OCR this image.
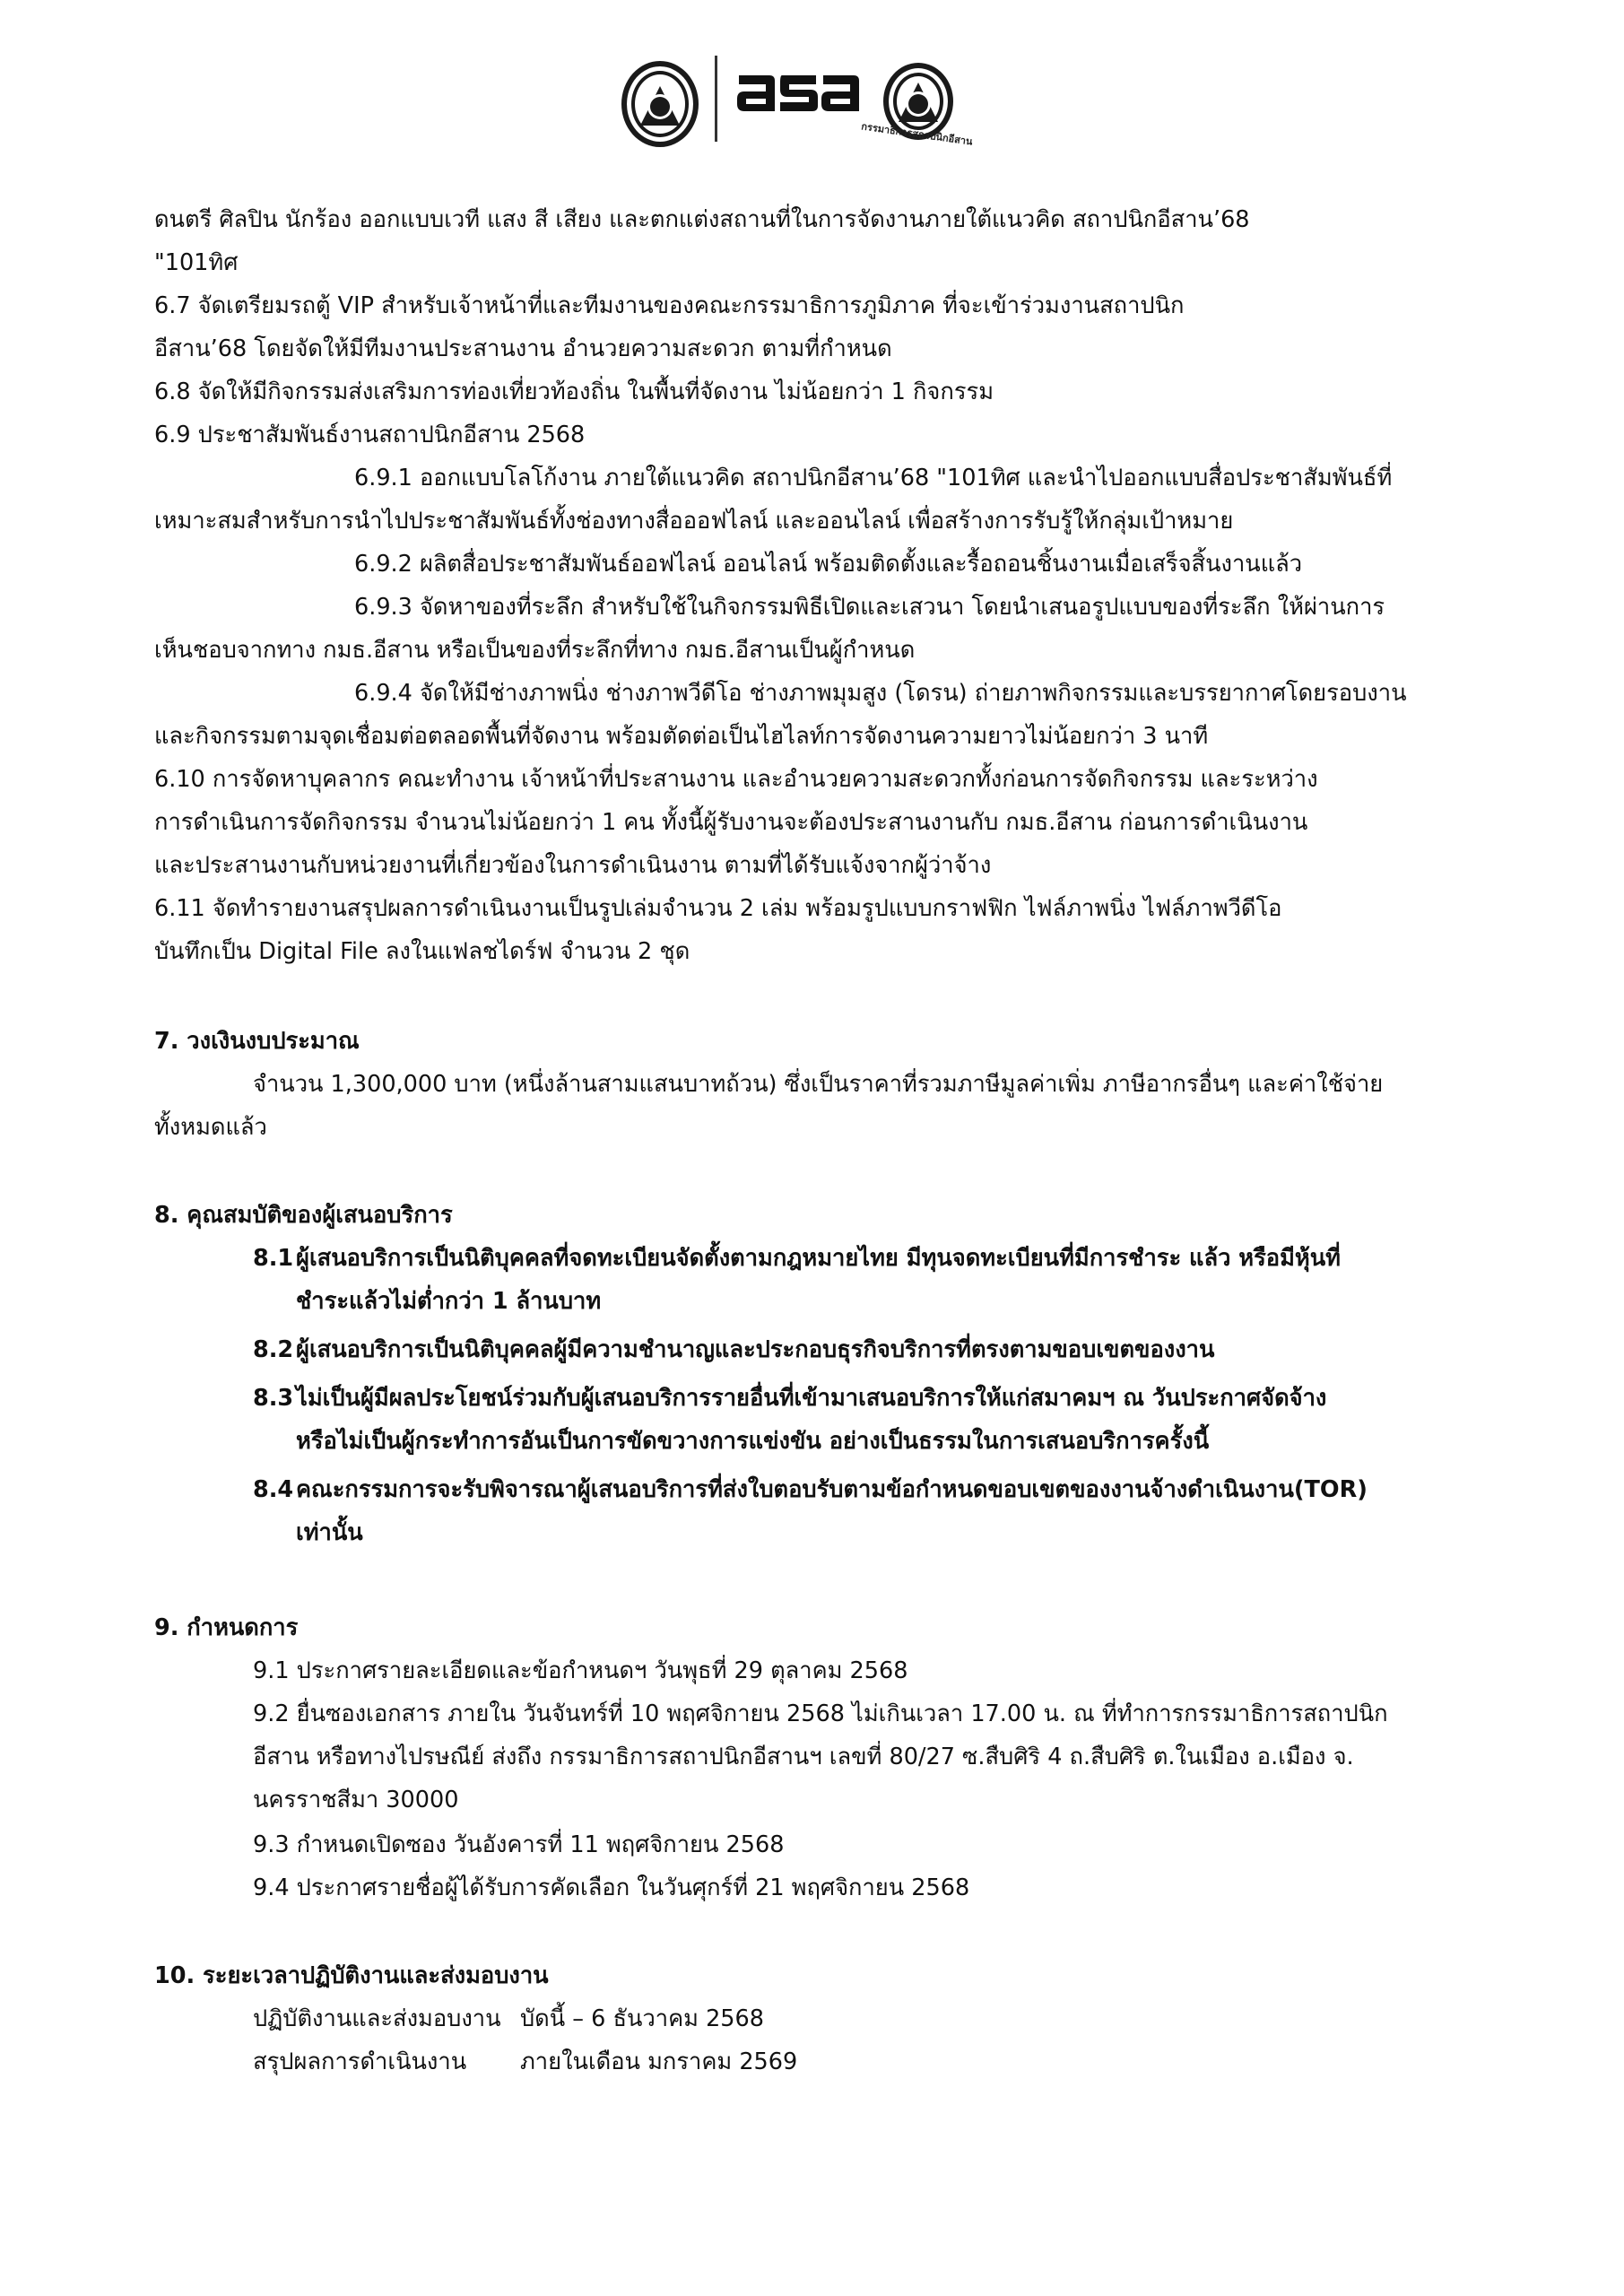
กรรมาธิการสถาปนิกอีสาน
ดนตรี ศิลปิน นักร้อง ออกแบบเวที แสง สี เสียง และตกแต่งสถานที่ในการจัดงานภายใต้แนวคิด สถาปนิกอีสาน’68
"101ทิศ
6.7 จัดเตรียมรถตู้ VIP สำหรับเจ้าหน้าที่และทีมงานของคณะกรรมาธิการภูมิภาค ที่จะเข้าร่วมงานสถาปนิก
อีสาน’68 โดยจัดให้มีทีมงานประสานงาน อำนวยความสะดวก ตามที่กำหนด
6.8 จัดให้มีกิจกรรมส่งเสริมการท่องเที่ยวท้องถิ่น ในพื้นที่จัดงาน ไม่น้อยกว่า 1 กิจกรรม
6.9 ประชาสัมพันธ์งานสถาปนิกอีสาน 2568
6.9.1 ออกแบบโลโก้งาน ภายใต้แนวคิด สถาปนิกอีสาน’68 "101ทิศ และนำไปออกแบบสื่อประชาสัมพันธ์ที่
เหมาะสมสำหรับการนำไปประชาสัมพันธ์ทั้งช่องทางสื่อออฟไลน์ และออนไลน์ เพื่อสร้างการรับรู้ให้กลุ่มเป้าหมาย
6.9.2 ผลิตสื่อประชาสัมพันธ์ออฟไลน์ ออนไลน์ พร้อมติดตั้งและรื้อถอนชิ้นงานเมื่อเสร็จสิ้นงานแล้ว
6.9.3 จัดหาของที่ระลึก สำหรับใช้ในกิจกรรมพิธีเปิดและเสวนา โดยนำเสนอรูปแบบของที่ระลึก ให้ผ่านการ
เห็นชอบจากทาง กมธ.อีสาน หรือเป็นของที่ระลึกที่ทาง กมธ.อีสานเป็นผู้กำหนด
6.9.4 จัดให้มีช่างภาพนิ่ง ช่างภาพวีดีโอ ช่างภาพมุมสูง (โดรน) ถ่ายภาพกิจกรรมและบรรยากาศโดยรอบงาน
และกิจกรรมตามจุดเชื่อมต่อตลอดพื้นที่จัดงาน พร้อมตัดต่อเป็นไฮไลท์การจัดงานความยาวไม่น้อยกว่า 3 นาที
6.10 การจัดหาบุคลากร คณะทำงาน เจ้าหน้าที่ประสานงาน และอำนวยความสะดวกทั้งก่อนการจัดกิจกรรม และระหว่าง
การดำเนินการจัดกิจกรรม จำนวนไม่น้อยกว่า 1 คน ทั้งนี้ผู้รับงานจะต้องประสานงานกับ กมธ.อีสาน ก่อนการดำเนินงาน
และประสานงานกับหน่วยงานที่เกี่ยวข้องในการดำเนินงาน ตามที่ได้รับแจ้งจากผู้ว่าจ้าง
6.11 จัดทำรายงานสรุปผลการดำเนินงานเป็นรูปเล่มจำนวน 2 เล่ม พร้อมรูปแบบกราฟฟิก ไฟล์ภาพนิ่ง ไฟล์ภาพวีดีโอ
บันทึกเป็น Digital File ลงในแฟลชไดร์ฟ จำนวน 2 ชุด
7. วงเงินงบประมาณ
จำนวน 1,300,000 บาท (หนึ่งล้านสามแสนบาทถ้วน) ซึ่งเป็นราคาที่รวมภาษีมูลค่าเพิ่ม ภาษีอากรอื่นๆ และค่าใช้จ่าย
ทั้งหมดแล้ว
8. คุณสมบัติของผู้เสนอบริการ
8.1 ผู้เสนอบริการเป็นนิติบุคคลที่จดทะเบียนจัดตั้งตามกฎหมายไทย มีทุนจดทะเบียนที่มีการชำระ แล้ว หรือมีหุ้นที่
ชำระแล้วไม่ต่ำกว่า 1 ล้านบาท
8.2 ผู้เสนอบริการเป็นนิติบุคคลผู้มีความชำนาญและประกอบธุรกิจบริการที่ตรงตามขอบเขตของงาน
8.3 ไม่เป็นผู้มีผลประโยชน์ร่วมกับผู้เสนอบริการรายอื่นที่เข้ามาเสนอบริการให้แก่สมาคมฯ ณ วันประกาศจัดจ้าง
หรือไม่เป็นผู้กระทำการอันเป็นการขัดขวางการแข่งขัน อย่างเป็นธรรมในการเสนอบริการครั้งนี้
8.4 คณะกรรมการจะรับพิจารณาผู้เสนอบริการที่ส่งใบตอบรับตามข้อกำหนดขอบเขตของงานจ้างดำเนินงาน(TOR)
เท่านั้น
9. กำหนดการ
9.1 ประกาศรายละเอียดและข้อกำหนดฯ วันพุธที่ 29 ตุลาคม 2568
9.2 ยื่นซองเอกสาร ภายใน วันจันทร์ที่ 10 พฤศจิกายน 2568 ไม่เกินเวลา 17.00 น. ณ ที่ทำการกรรมาธิการสถาปนิก
อีสาน หรือทางไปรษณีย์ ส่งถึง กรรมาธิการสถาปนิกอีสานฯ เลขที่ 80/27 ซ.สืบศิริ 4 ถ.สืบศิริ ต.ในเมือง อ.เมือง จ.
นครราชสีมา 30000
9.3 กำหนดเปิดซอง วันอังคารที่ 11 พฤศจิกายน 2568
9.4 ประกาศรายชื่อผู้ได้รับการคัดเลือก ในวันศุกร์ที่ 21 พฤศจิกายน 2568
10. ระยะเวลาปฏิบัติงานและส่งมอบงาน
ปฏิบัติงานและส่งมอบงาน บัดนี้ – 6 ธันวาคม 2568
สรุปผลการดำเนินงาน ภายในเดือน มกราคม 2569
